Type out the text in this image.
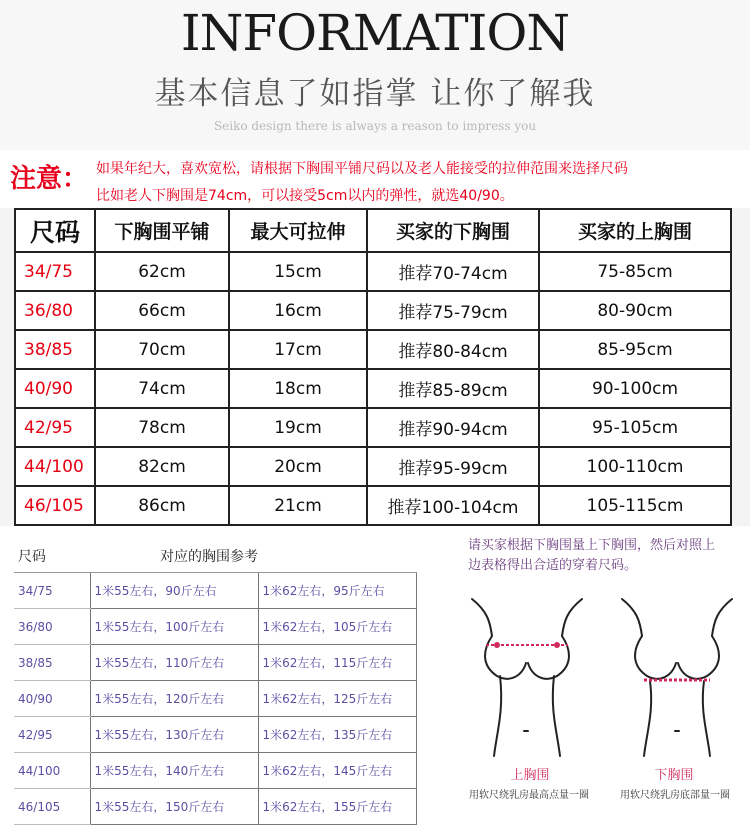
INFORMATION
基本信息了如指掌 让你了解我
Seiko design there is always a reason to impress you
注意： 如果年纪大，喜欢宽松，请根据下胸围平铺尺码以及老人能接受的拉伸范围来选择尺码
比如老人下胸围是74cm，可以接受5cm以内的弹性，就选40/90。
尺码	下胸围平铺	最大可拉伸	买家的下胸围	买家的上胸围
34/75	62cm	15cm	推荐70-74cm	75-85cm
36/80	66cm	16cm	推荐75-79cm	80-90cm
38/85	70cm	17cm	推荐80-84cm	85-95cm
40/90	74cm	18cm	推荐85-89cm	90-100cm
42/95	78cm	19cm	推荐90-94cm	95-105cm
44/100	82cm	20cm	推荐95-99cm	100-110cm
46/105	86cm	21cm	推荐100-104cm	105-115cm
尺码	对应的胸围参考	
34/75	1米55左右，90斤左右	1米62左右，95斤左右
36/80	1米55左右，100斤左右	1米62左右，105斤左右
38/85	1米55左右，110斤左右	1米62左右，115斤左右
40/90	1米55左右，120斤左右	1米62左右，125斤左右
42/95	1米55左右，130斤左右	1米62左右，135斤左右
44/100	1米55左右，140斤左右	1米62左右，145斤左右
46/105	1米55左右，150斤左右	1米62左右，155斤左右
请买家根据下胸围量上下胸围，然后对照上
边表格得出合适的穿着尺码。
上胸围
用软尺绕乳房最高点量一圈
下胸围
用软尺绕乳房底部量一圈
